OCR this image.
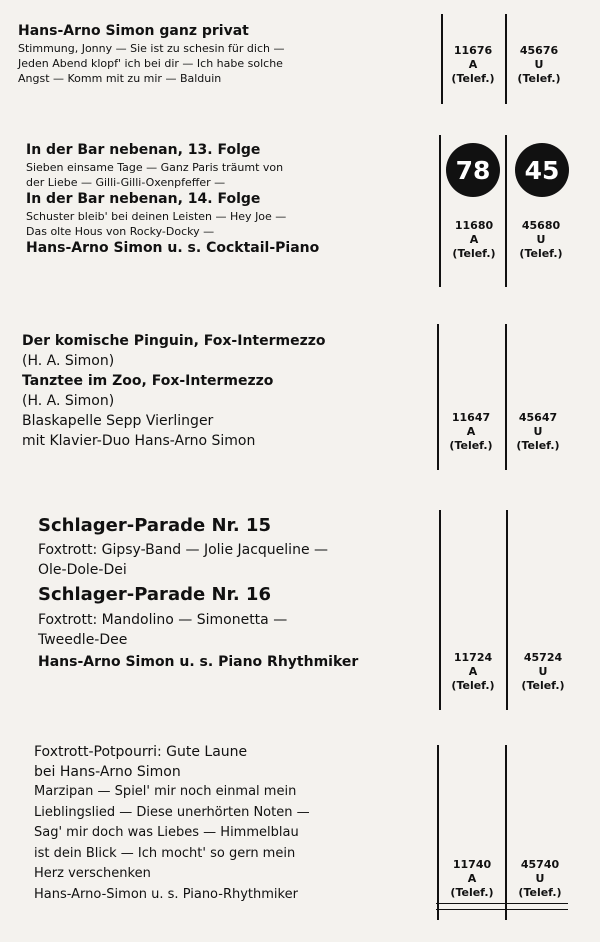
Hans-Arno Simon ganz privat
Stimmung, Jonny — Sie ist zu schesin für dich —
Jeden Abend klopf' ich bei dir — Ich habe solche
Angst — Komm mit zu mir — Balduin
11676
A
(Telef.)
45676
U
(Telef.)
In der Bar nebenan, 13. Folge
Sieben einsame Tage — Ganz Paris träumt von
der Liebe — Gilli-Gilli-Oxenpfeffer —
In der Bar nebenan, 14. Folge
Schuster bleib' bei deinen Leisten — Hey Joe —
Das olte Hous von Rocky-Docky —
Hans-Arno Simon u. s. Cocktail-Piano
78	45
11680
A
(Telef.)
45680
U
(Telef.)
Der komische Pinguin, Fox-Intermezzo
(H. A. Simon)
Tanztee im Zoo, Fox-Intermezzo
(H. A. Simon)
Blaskapelle Sepp Vierlinger
mit Klavier-Duo Hans-Arno Simon
11647
A
(Telef.)
45647
U
(Telef.)
Schlager-Parade Nr. 15
Foxtrott: Gipsy-Band — Jolie Jacqueline —
Ole-Dole-Dei
Schlager-Parade Nr. 16
Foxtrott: Mandolino — Simonetta —
Tweedle-Dee
Hans-Arno Simon u. s. Piano Rhythmiker	11724
A
(Telef.)
45724
U
(Telef.)
Foxtrott-Potpourri: Gute Laune
bei Hans-Arno Simon
Marzipan — Spiel' mir noch einmal mein
Lieblingslied — Diese unerhörten Noten —
Sag' mir doch was Liebes — Himmelblau
ist dein Blick — Ich mocht' so gern mein
Herz verschenken
Hans-Arno-Simon u. s. Piano-Rhythmiker
11740
A
(Telef.)
45740
U
(Telef.)
